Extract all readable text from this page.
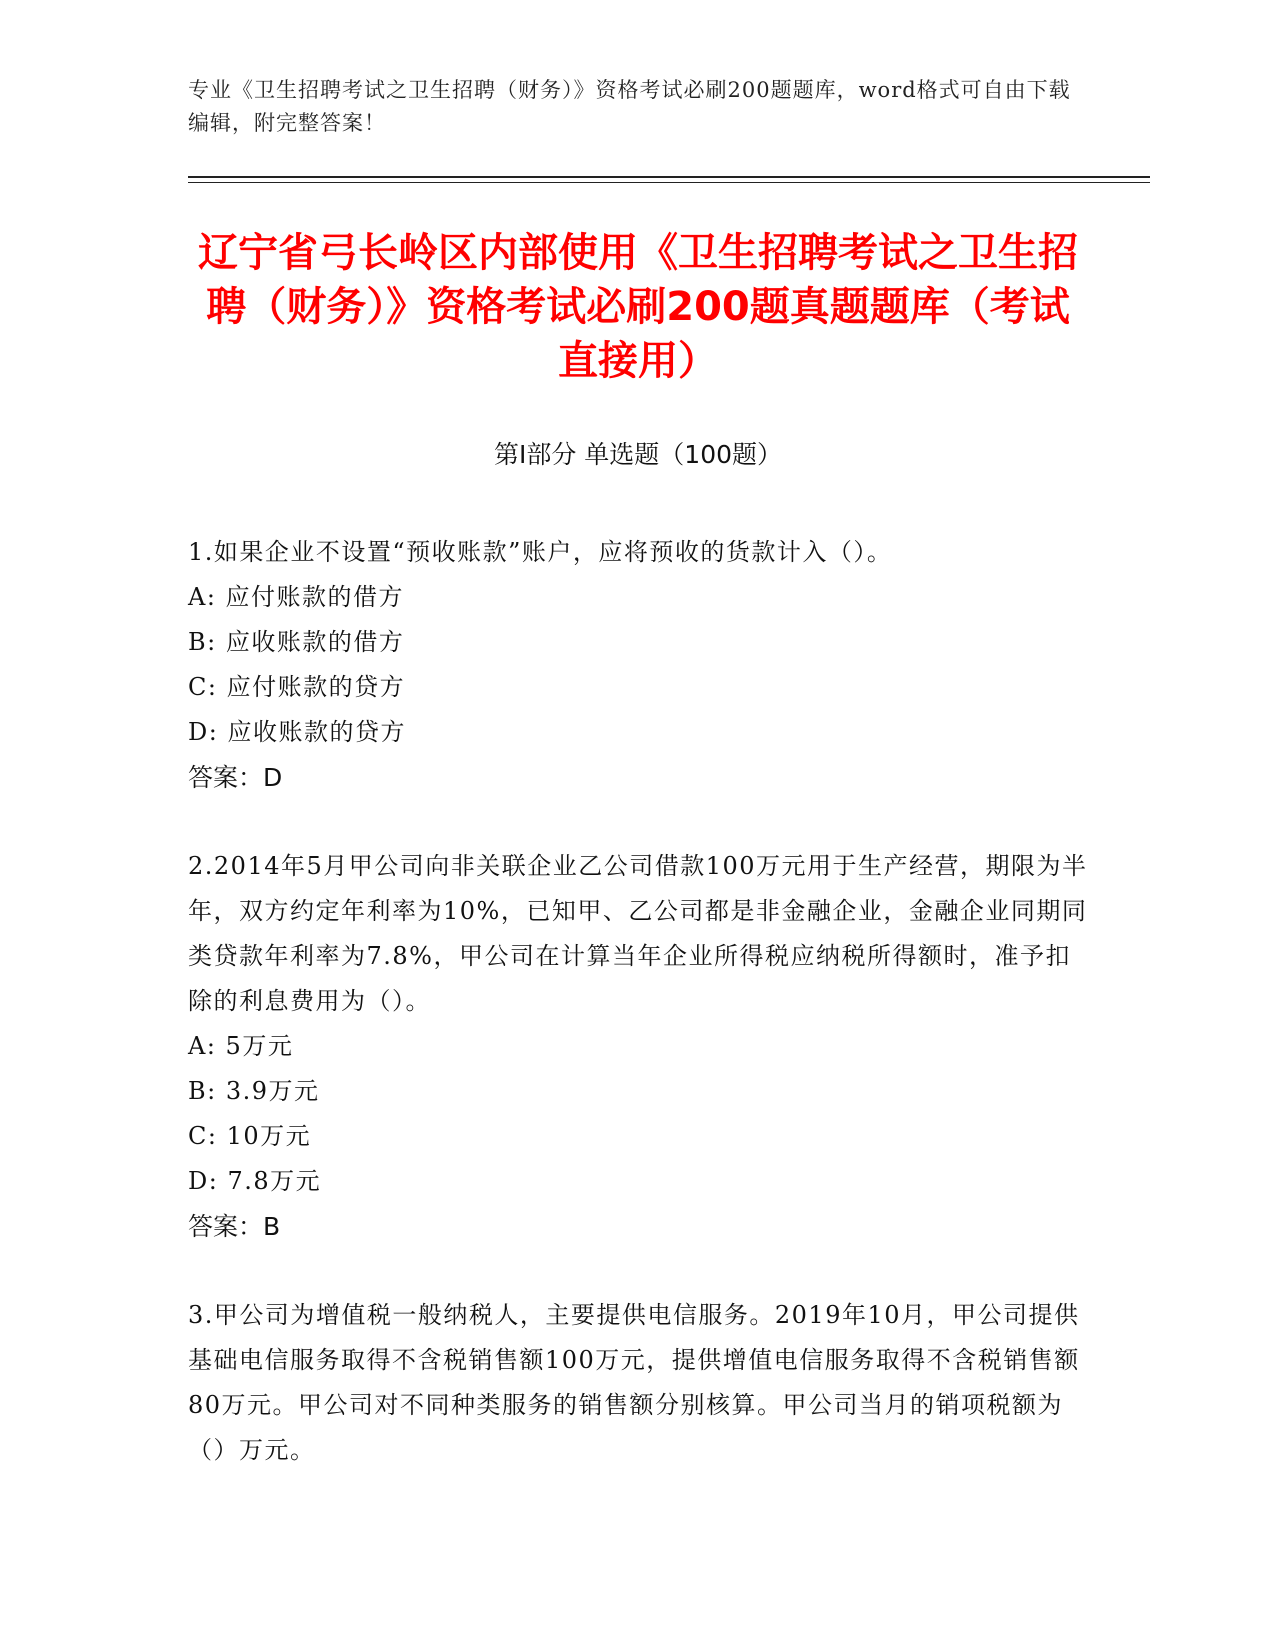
专业《卫生招聘考试之卫生招聘（财务）》资格考试必刷200题题库，word格式可自由下载编辑，附完整答案！
辽宁省弓长岭区内部使用《卫生招聘考试之卫生招聘（财务）》资格考试必刷200题真题题库（考试直接用）
第Ⅰ部分 单选题（100题）

1.如果企业不设置“预收账款”账户，应将预收的货款计入（）。

A: 应付账款的借方

B: 应收账款的借方

C: 应付账款的贷方

D: 应收账款的贷方

答案：D

2.2014年5月甲公司向非关联企业乙公司借款100万元用于生产经营，期限为半年，双方约定年利率为10%，已知甲、乙公司都是非金融企业，金融企业同期同类贷款年利率为7.8%，甲公司在计算当年企业所得税应纳税所得额时，准予扣除的利息费用为（）。

A: 5万元

B: 3.9万元

C: 10万元

D: 7.8万元

答案：B

3.甲公司为增值税一般纳税人，主要提供电信服务。2019年10月，甲公司提供基础电信服务取得不含税销售额100万元，提供增值电信服务取得不含税销售额80万元。甲公司对不同种类服务的销售额分别核算。甲公司当月的销项税额为（）万元。
